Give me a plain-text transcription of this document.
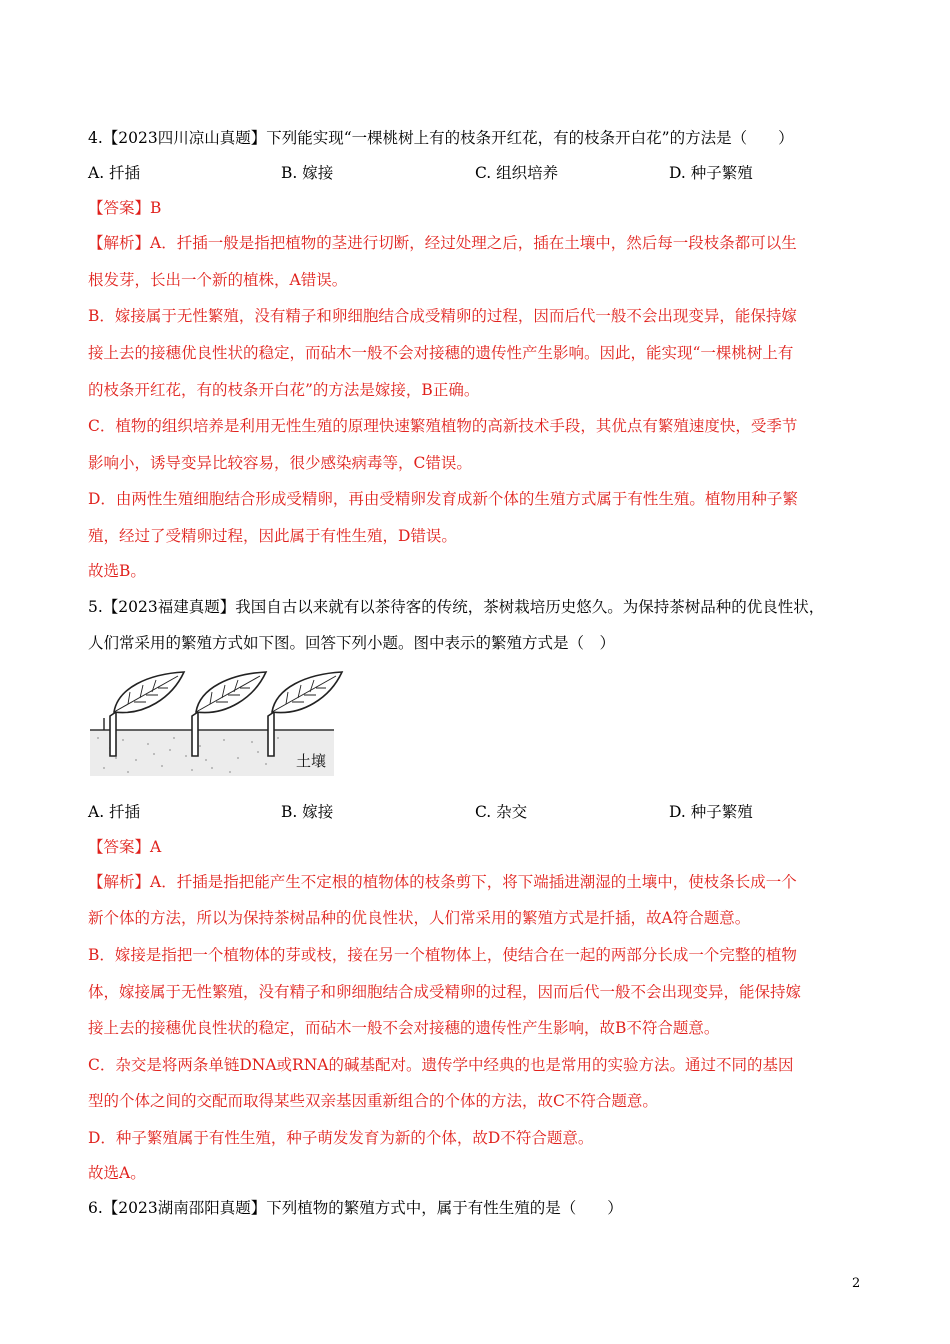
4.【2023四川凉山真题】下列能实现“一棵桃树上有的枝条开红花，有的枝条开白花”的方法是（　　）
A. 扦插	B. 嫁接	C. 组织培养	D. 种子繁殖
【答案】B
【解析】A．扦插一般是指把植物的茎进行切断，经过处理之后，插在土壤中，然后每一段枝条都可以生
根发芽，长出一个新的植株，A错误。
B．嫁接属于无性繁殖，没有精子和卵细胞结合成受精卵的过程，因而后代一般不会出现变异，能保持嫁
接上去的接穗优良性状的稳定，而砧木一般不会对接穗的遗传性产生影响。因此，能实现“一棵桃树上有
的枝条开红花，有的枝条开白花”的方法是嫁接，B正确。
C．植物的组织培养是利用无性生殖的原理快速繁殖植物的高新技术手段，其优点有繁殖速度快，受季节
影响小，诱导变异比较容易，很少感染病毒等，C错误。
D．由两性生殖细胞结合形成受精卵，再由受精卵发育成新个体的生殖方式属于有性生殖。植物用种子繁
殖，经过了受精卵过程，因此属于有性生殖，D错误。
故选B。
5.【2023福建真题】我国自古以来就有以茶待客的传统，茶树栽培历史悠久。为保持茶树品种的优良性状，
人们常采用的繁殖方式如下图。回答下列小题。图中表示的繁殖方式是（　）
土壤
A. 扦插	B. 嫁接	C. 杂交	D. 种子繁殖
【答案】A
【解析】A．扦插是指把能产生不定根的植物体的枝条剪下，将下端插进潮湿的土壤中，使枝条长成一个
新个体的方法，所以为保持茶树品种的优良性状，人们常采用的繁殖方式是扦插，故A符合题意。
B．嫁接是指把一个植物体的芽或枝，接在另一个植物体上，使结合在一起的两部分长成一个完整的植物
体，嫁接属于无性繁殖，没有精子和卵细胞结合成受精卵的过程，因而后代一般不会出现变异，能保持嫁
接上去的接穗优良性状的稳定，而砧木一般不会对接穗的遗传性产生影响，故B不符合题意。
C．杂交是将两条单链DNA或RNA的碱基配对。遗传学中经典的也是常用的实验方法。通过不同的基因
型的个体之间的交配而取得某些双亲基因重新组合的个体的方法，故C不符合题意。
D．种子繁殖属于有性生殖，种子萌发发育为新的个体，故D不符合题意。
故选A。
6.【2023湖南邵阳真题】下列植物的繁殖方式中，属于有性生殖的是（　　）
2
